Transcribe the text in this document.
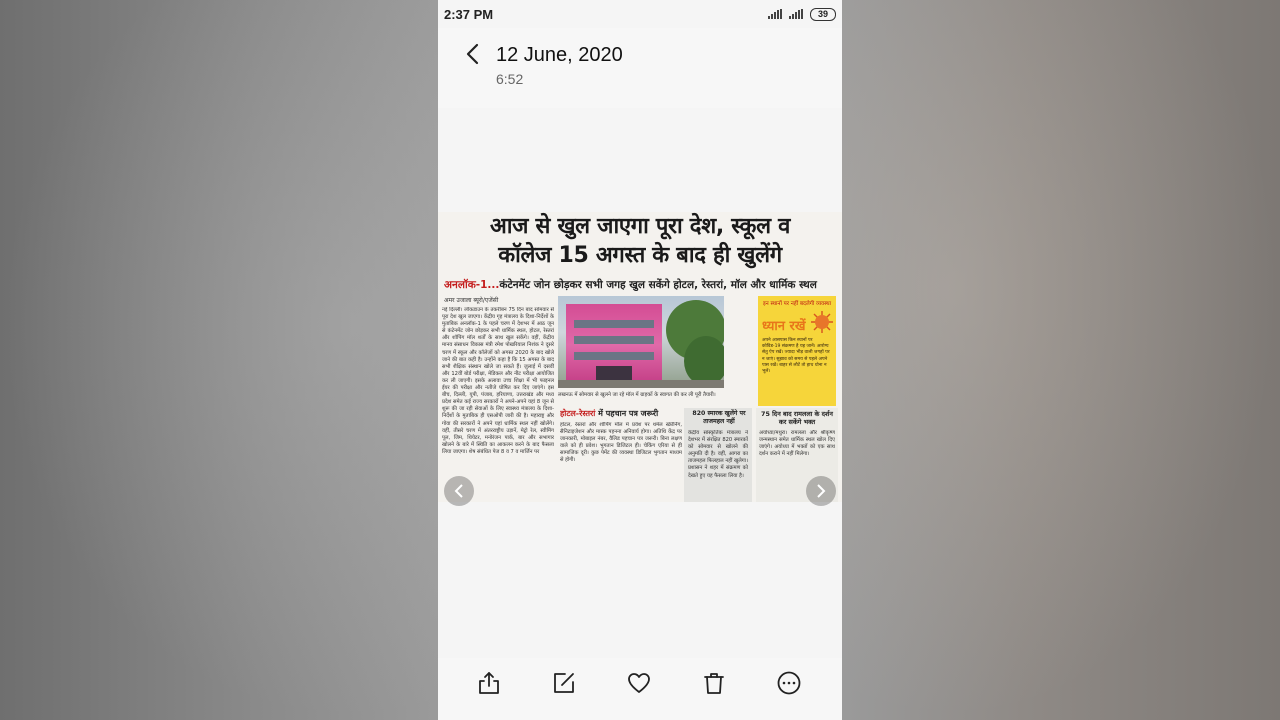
2:37 PM	39
12 June, 2020
6:52
आज से खुल जाएगा पूरा देश, स्कूल व
कॉलेज 15 अगस्त के बाद ही खुलेंगे
अनलॉक-1...कंटेनमेंट जोन छोड़कर सभी जगह खुल सकेंगे होटल, रेस्तरां, मॉल और धार्मिक स्थल
अमर उजाला ब्यूरो/एजेंसी
नई दिल्ली। लॉकडाउन के तकरीबन 75 दिन बाद सोमवार से पूरा देश खुल जाएगा। केंद्रीय गृह मंत्रालय के दिशा-निर्देशों के मुताबिक अनलॉक-1 के पहले चरण में देशभर में आठ जून से कंटेनमेंट जोन छोड़कर सभी धार्मिक स्थल, होटल, रेस्तरां और शॉपिंग मॉल शर्तों के साथ खुल सकेंगे। वहीं, केंद्रीय मानव संसाधन विकास मंत्री रमेश पोखरियाल निशंक ने दूसरे चरण में स्कूल और कॉलेजों को अगस्त 2020 के बाद खोले जाने की बात कही है। उन्होंने कहा है कि 15 अगस्त के बाद सभी शैक्षिक संस्थान खोले जा सकते हैं। जुलाई में दसवीं और 12वीं बोर्ड परीक्षा, मेडिकल और नीट परीक्षा आयोजित कर ली जाएगी। इसके अलावा उच्च शिक्षा में भी फाइनल ईयर की परीक्षा और नतीजे घोषित कर दिए जाएंगे। इस बीच, दिल्ली, यूपी, पंजाब, हरियाणा, उत्तराखंड और मध्य प्रदेश समेत कई राज्य सरकारों ने अपने-अपने यहां 8 जून से शुरू की जा रही सेवाओं के लिए स्वास्थ्य मंत्रालय के दिशा-निर्देशों के मुताबिक ही एसओपी जारी की है। महाराष्ट्र और गोवा की सरकारों ने अपने यहां धार्मिक स्थल नहीं खोलेंगे। वहीं, तीसरे चरण में अंतरराष्ट्रीय उड़ानें, मेट्रो रेल, स्वीमिंग पूल, जिम, थियेटर, मनोरंजन पार्क, बार और सभागार खोलने के बारे में स्थिति का आकलन करने के बाद फैसला लिया जाएगा। शेष संबंधित पेज 8 व 7 व मार्जिन पर
लखनऊ में सोमवार से खुलने जा रहे मॉल में ग्राहकों के स्वागत की कर ली पूरी तैयारी।
इन स्थानों पर नहीं बदलेगी व्यवस्था
ध्यान रखें
अपने आसपास किन स्थानों पर कोविड-19 संक्रमण है यह जानें। आरोग्य सेतु ऐप रखें। ज्यादा भीड़ वाली जगहों पर न जाएं। सुझाव को समय से पहले अपने पास रखें। बाहर से लौटें तो हाथ धोना न भूलें।
होटल-रेस्तरां में पहचान पत्र जरूरी
होटल, रेस्तरां और शॉपिंग मॉल में प्रवेश पर थर्मल स्क्रीनिंग, सैनिटाइजेशन और मास्क पहनना अनिवार्य होगा। अतिथि केंद्र पर जानकारी, मोबाइल नंबर, वैलिड पहचान पत्र जरूरी। बिना लक्षण वाले को ही प्रवेश। भुगतान डिजिटल ही। चेकिंग एरिया से ही सामाजिक दूरी। कुछ पेमेंट की व्यवस्था डिजिटल भुगतान माध्यम से होगी।
820 स्मारक खुलेंगे पर ताजमहल नहीं
केंद्रीय सांस्कृतिक मंत्रालय ने देशभर में संरक्षित 820 स्मारकों को सोमवार से खोलने की अनुमति दी है। वहीं, आगरा का ताजमहल फिलहाल नहीं खुलेगा। प्रशासन ने शहर में संक्रमण को देखते हुए यह फैसला लिया है।
75 दिन बाद रामलला के दर्शन कर सकेंगे भक्त
अयोध्या/मथुरा। रामलला और श्रीकृष्ण जन्मस्थान समेत धार्मिक स्थल खोल दिए जाएंगे। अयोध्या में भक्तों को एक साथ दर्शन कराने में नहीं मिलेगा।
